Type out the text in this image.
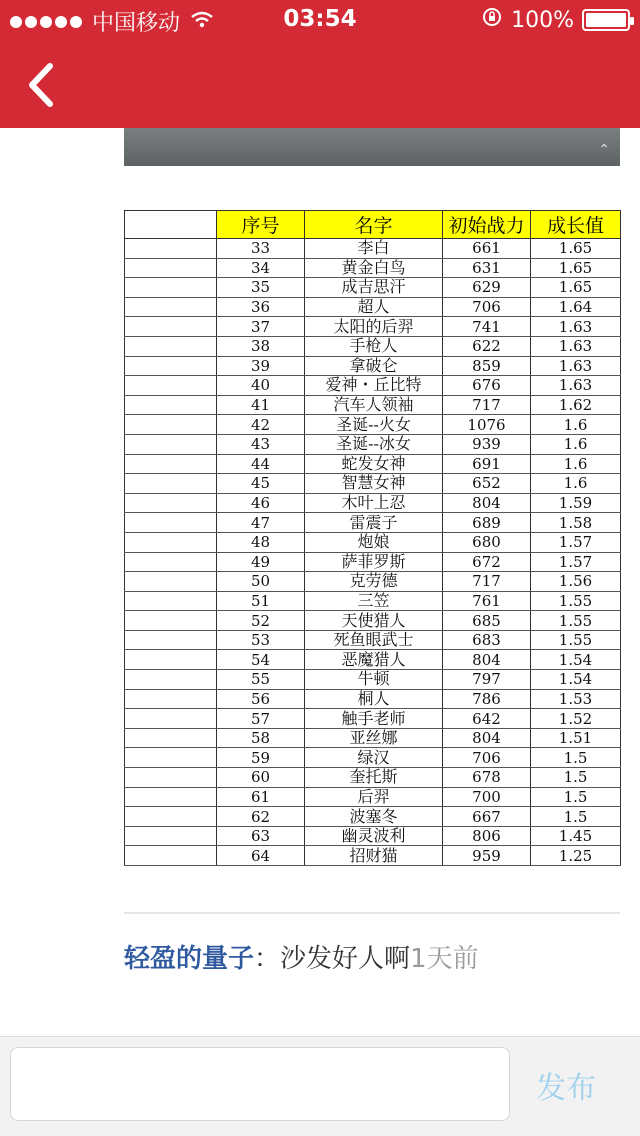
中国移动	03:54	100%
⌃
	序号	名字	初始战力	成长值
	33	李白	661	1.65
	34	黄金白鸟	631	1.65
	35	成吉思汗	629	1.65
	36	超人	706	1.64
	37	太阳的后羿	741	1.63
	38	手枪人	622	1.63
	39	拿破仑	859	1.63
	40	爱神・丘比特	676	1.63
	41	汽车人领袖	717	1.62
	42	圣诞--火女	1076	1.6
	43	圣诞--冰女	939	1.6
	44	蛇发女神	691	1.6
	45	智慧女神	652	1.6
	46	木叶上忍	804	1.59
	47	雷震子	689	1.58
	48	炮娘	680	1.57
	49	萨菲罗斯	672	1.57
	50	克劳德	717	1.56
	51	三笠	761	1.55
	52	天使猎人	685	1.55
	53	死鱼眼武士	683	1.55
	54	恶魔猎人	804	1.54
	55	牛顿	797	1.54
	56	桐人	786	1.53
	57	触手老师	642	1.52
	58	亚丝娜	804	1.51
	59	绿汉	706	1.5
	60	奎托斯	678	1.5
	61	后羿	700	1.5
	62	波塞冬	667	1.5
	63	幽灵波利	806	1.45
	64	招财猫	959	1.25
轻盈的量子：沙发好人啊1天前
发布
